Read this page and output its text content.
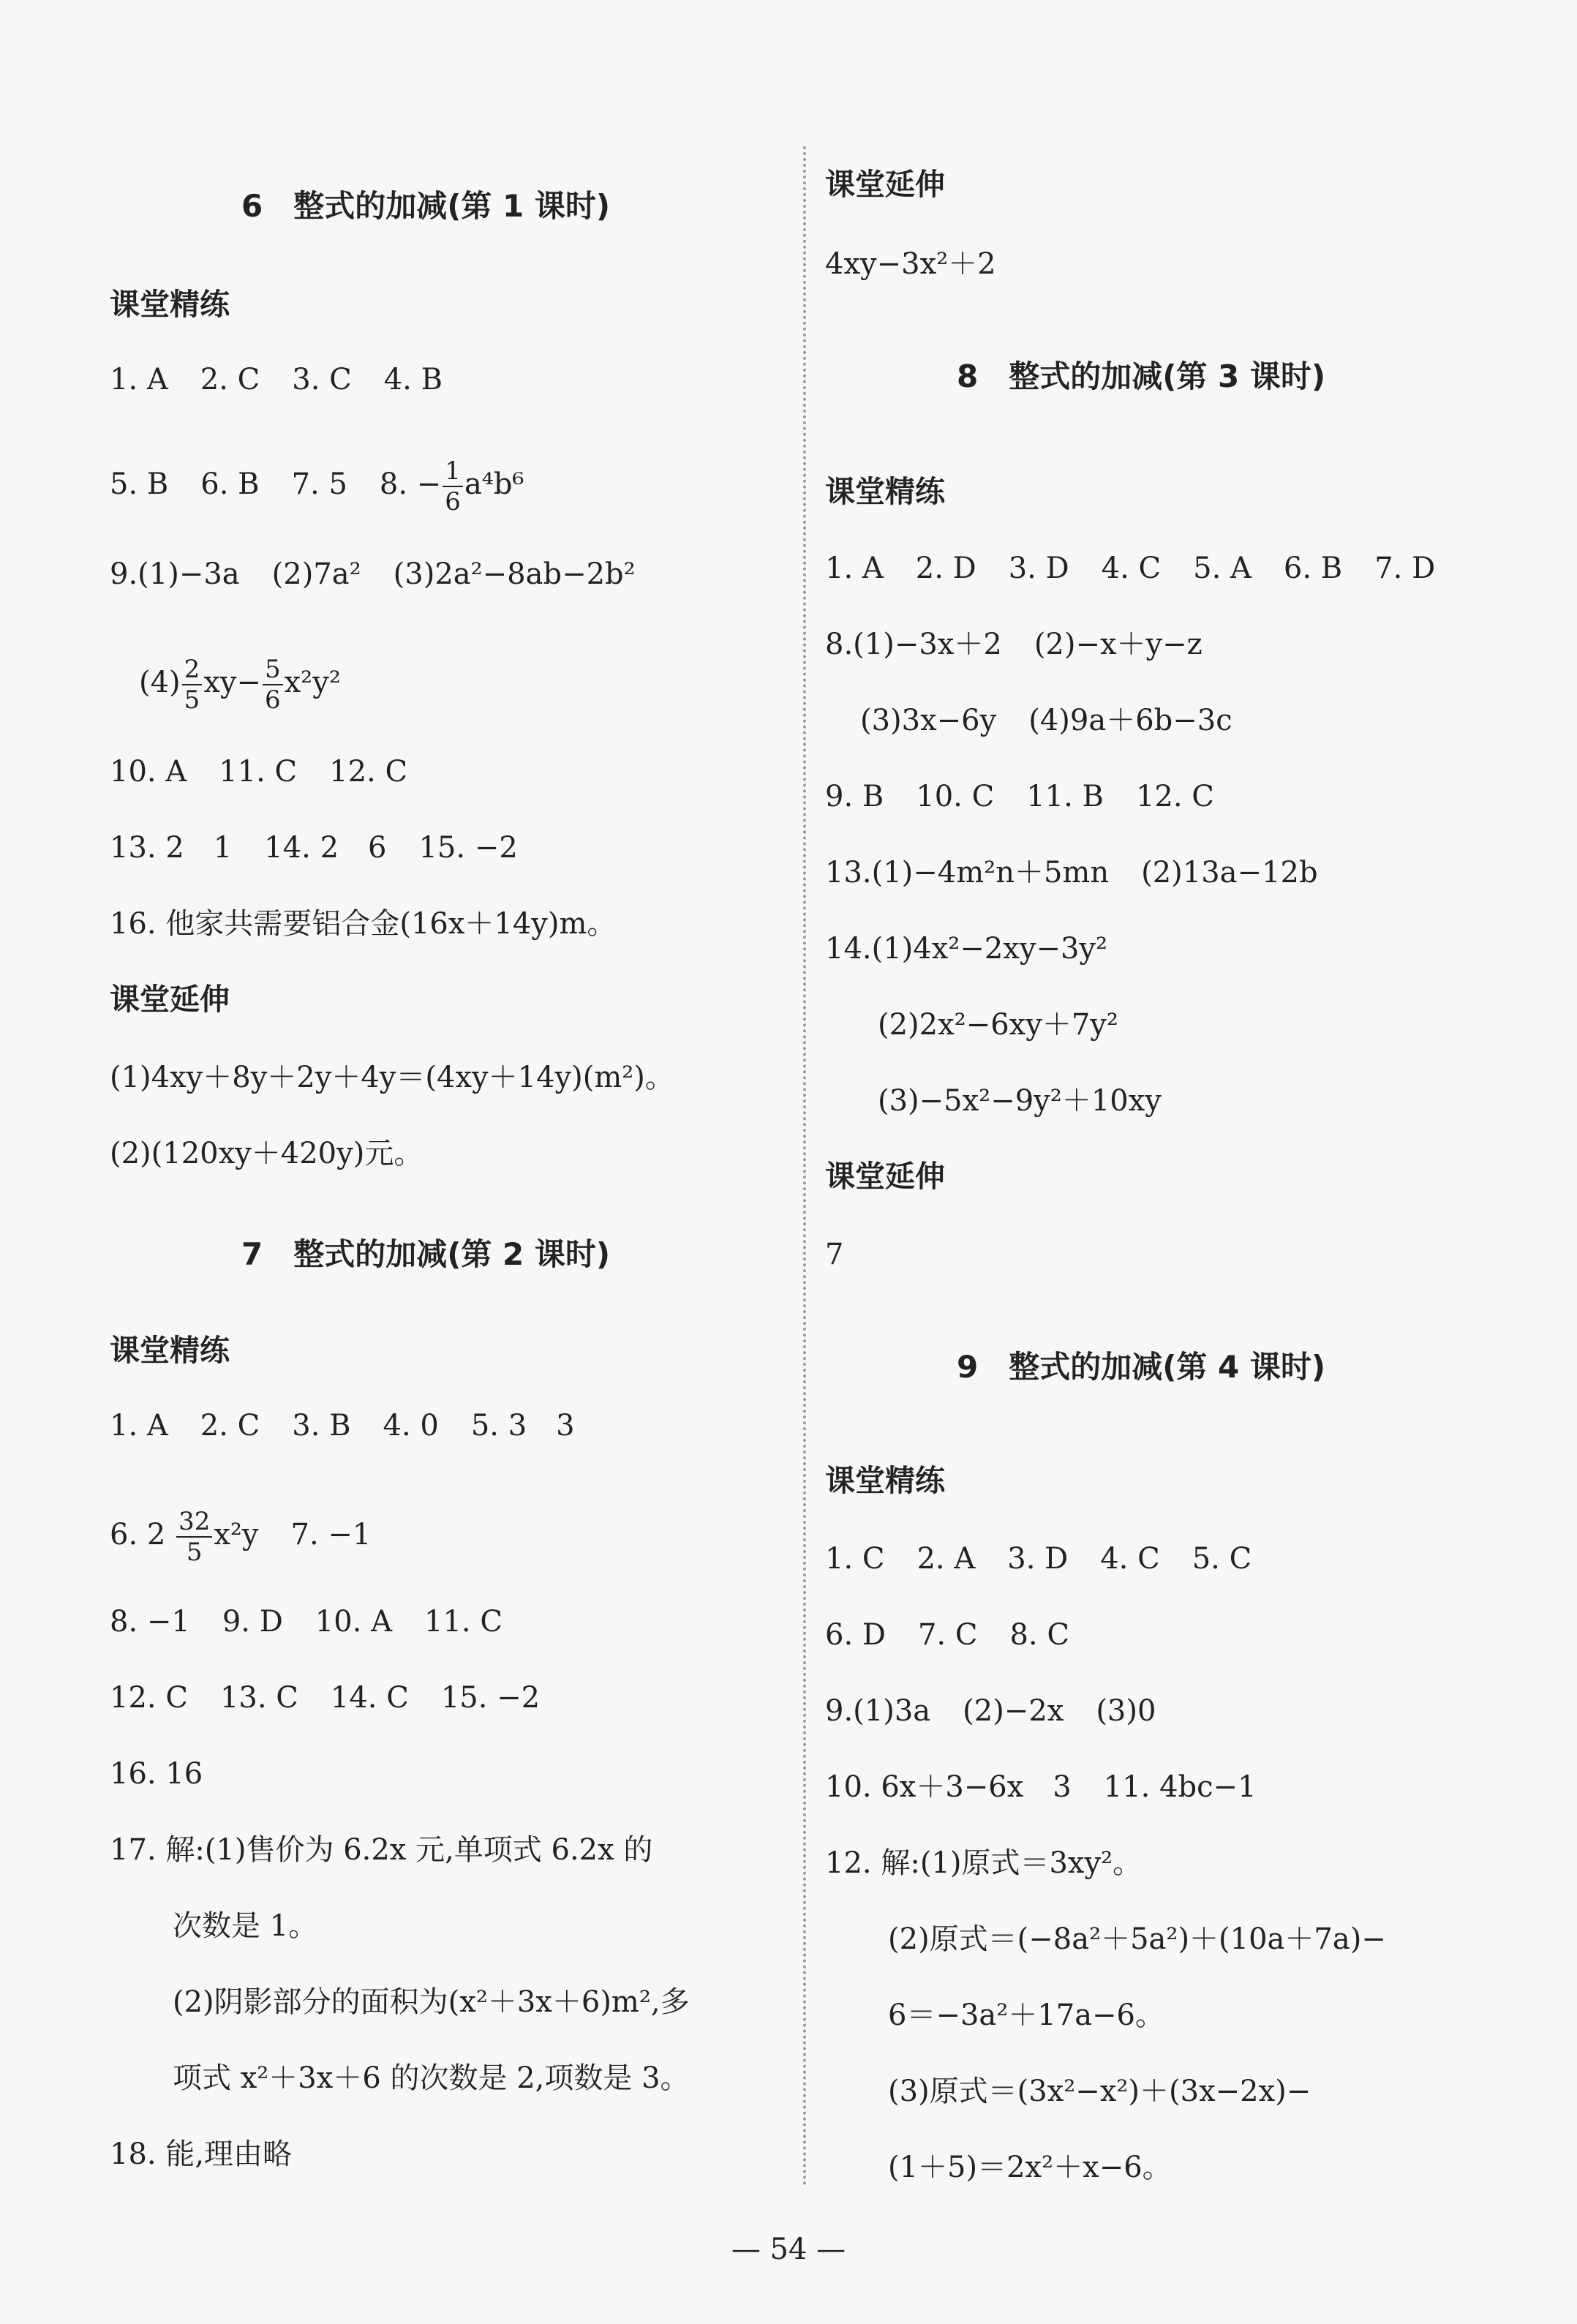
6　整式的加减(第 1 课时)
课堂精练
1. A 2. C 3. C 4. B
5. B 6. B 7. 5 8. − $\frac{1}{6} a^4b^6$
9.(1)−3a (2)7a² (3)2a²−8ab−2b²
$(4) \frac{2}{5} xy- \frac{5}{6} x^2y^2$
10. A 11. C 12. C
13. 2　1 14. 2　6 15. −2
16. 他家共需要铝合金(16x＋14y)m。
课堂延伸
(1)4xy＋8y＋2y＋4y＝(4xy＋14y)(m²)。
(2)(120xy＋420y)元。
7　整式的加减(第 2 课时)
课堂精练
1. A 2. C 3. B 4. 0 5. 3　3
6. $2 \frac{32}{5} x^2y$ 7. −1
8. −1 9. D 10. A 11. C
12. C 13. C 14. C 15. −2
16. 16
17. 解:(1)售价为 6.2x 元,单项式 6.2x 的
次数是 1。
(2)阴影部分的面积为(x²＋3x＋6)m²,多
项式 x²＋3x＋6 的次数是 2,项数是 3。
18. 能,理由略
课堂延伸
4xy−3x²＋2
8　整式的加减(第 3 课时)
课堂精练
1. A 2. D 3. D 4. C 5. A 6. B 7. D
8.(1)−3x＋2 (2)−x＋y−z
(3)3x−6y (4)9a＋6b−3c
9. B 10. C 11. B 12. C
13.(1)−4m²n＋5mn (2)13a−12b
14.(1)4x²−2xy−3y²
(2)2x²−6xy＋7y²
(3)−5x²−9y²＋10xy
课堂延伸
7
9　整式的加减(第 4 课时)
课堂精练
1. C 2. A 3. D 4. C 5. C
6. D 7. C 8. C
9.(1)3a (2)−2x (3)0
10. 6x＋3−6x　3 11. 4bc−1
12. 解:(1)原式＝3xy²。
(2)原式＝(−8a²＋5a²)＋(10a＋7a)−
6＝−3a²＋17a−6。
(3)原式＝(3x²−x²)＋(3x−2x)−
(1＋5)＝2x²＋x−6。
— 54 —
